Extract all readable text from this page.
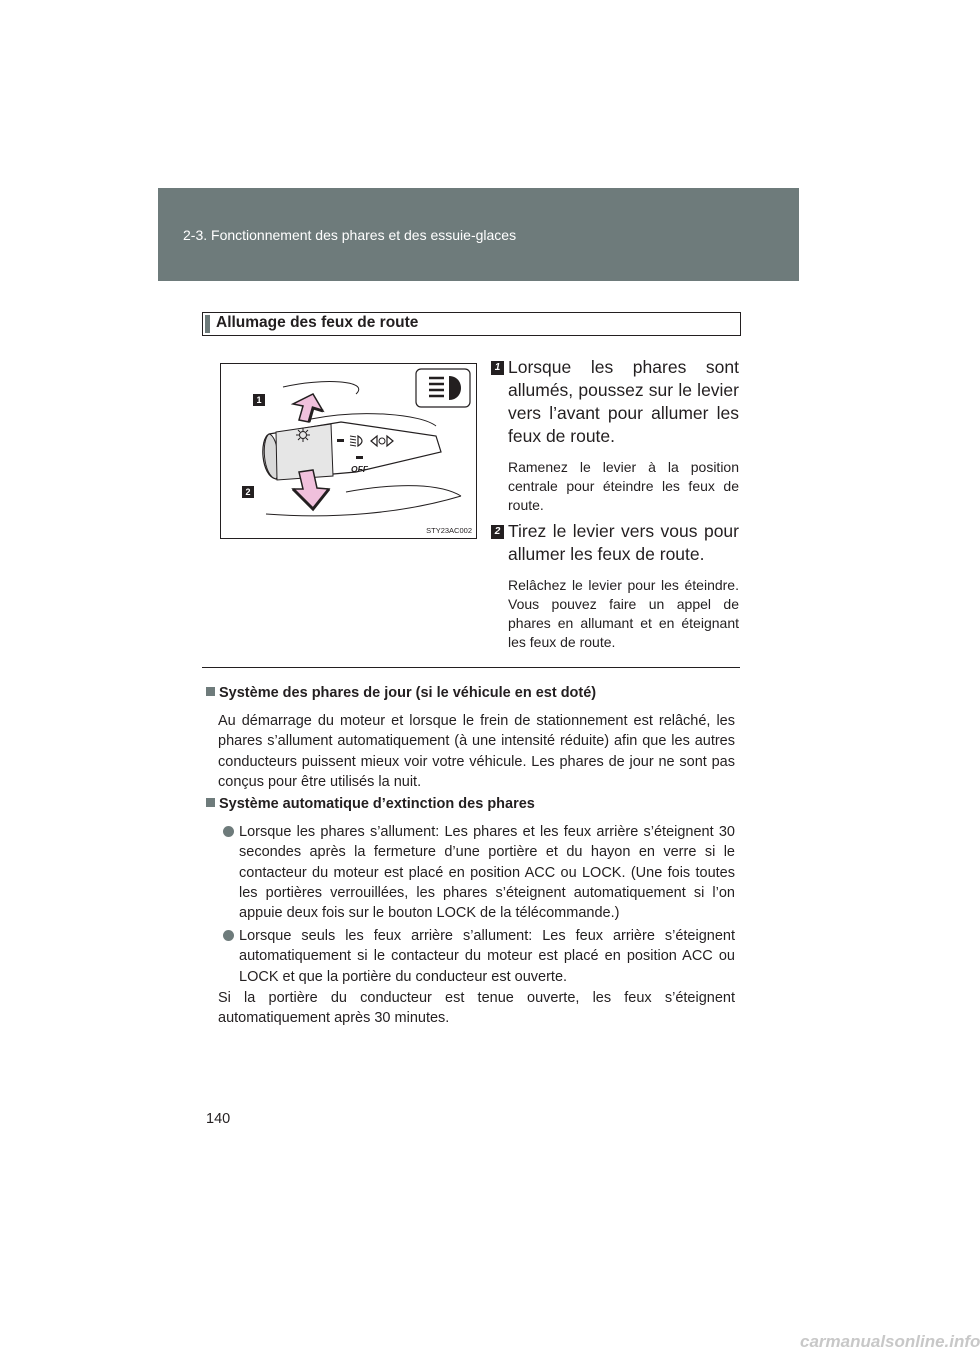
2-3. Fonctionnement des phares et des essuie-glaces
Allumage des feux de route
1
2
OFF
STY23AC002
1 Lorsque les phares sont allumés, poussez sur le levier vers l’avant pour allumer les feux de route.
Ramenez le levier à la position centrale pour éteindre les feux de route.
2 Tirez le levier vers vous pour allumer les feux de route.
Relâchez le levier pour les éteindre. Vous pouvez faire un appel de phares en allumant et en éteignant les feux de route.
Système des phares de jour (si le véhicule en est doté)
Au démarrage du moteur et lorsque le frein de stationnement est relâché, les phares s’allument automatiquement (à une intensité réduite) afin que les autres conducteurs puissent mieux voir votre véhicule. Les phares de jour ne sont pas conçus pour être utilisés la nuit.
Système automatique d’extinction des phares
Lorsque les phares s’allument: Les phares et les feux arrière s’éteignent 30 secondes après la fermeture d’une portière et du hayon en verre si le contacteur du moteur est placé en position ACC ou LOCK. (Une fois toutes les portières verrouillées, les phares s’éteignent automatiquement si l’on appuie deux fois sur le bouton LOCK de la télécommande.)
Lorsque seuls les feux arrière s’allument: Les feux arrière s’éteignent automatiquement si le contacteur du moteur est placé en position ACC ou LOCK et que la portière du conducteur est ouverte.
Si la portière du conducteur est tenue ouverte, les feux s’éteignent automatiquement après 30 minutes.
140
carmanualsonline.info
